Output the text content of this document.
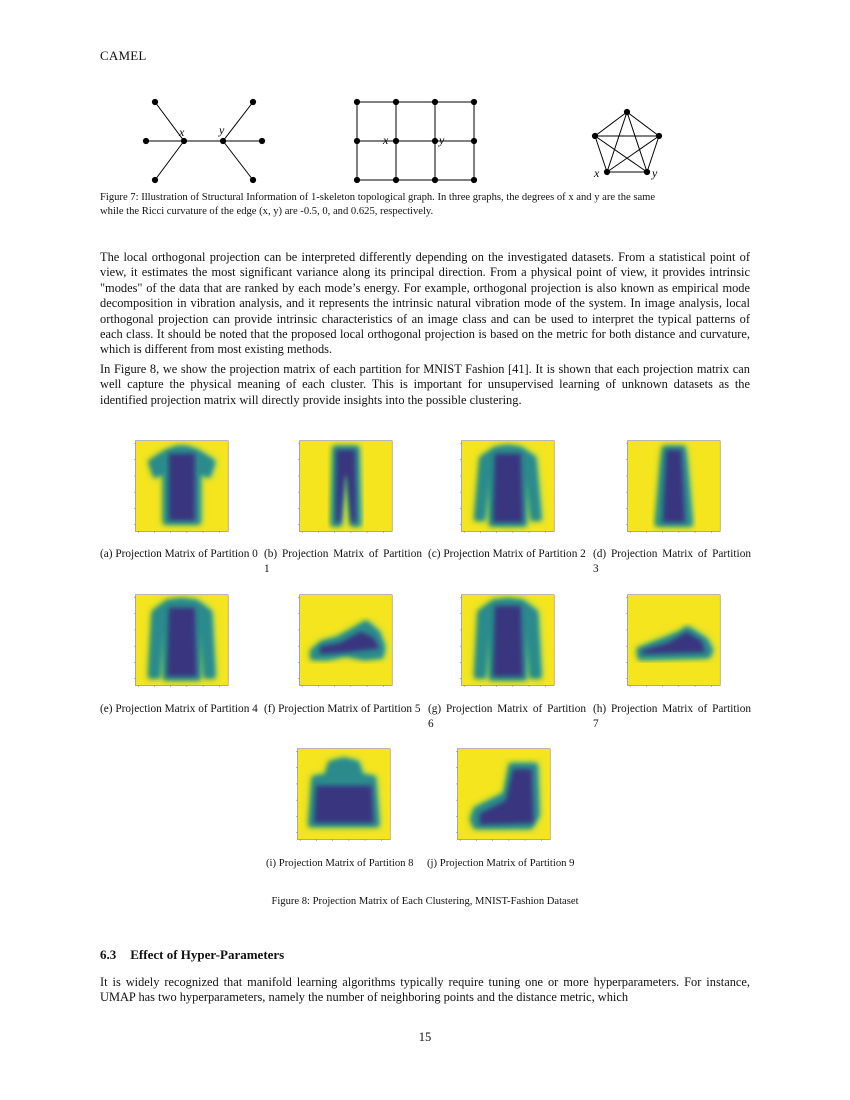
CAMEL
x	y
x	y
x	y
Figure 7: Illustration of Structural Information of 1-skeleton topological graph. In three graphs, the degrees of x and y are the same
while the Ricci curvature of the edge (x, y) are -0.5, 0, and 0.625, respectively.
The local orthogonal projection can be interpreted differently depending on the investigated datasets. From a statistical point of view, it estimates the most significant variance along its principal direction. From a physical point of view, it provides intrinsic "modes" of the data that are ranked by each mode’s energy. For example, orthogonal projection is also known as empirical mode decomposition in vibration analysis, and it represents the intrinsic natural vibration mode of the system. In image analysis, local orthogonal projection can provide intrinsic characteristics of an image class and can be used to interpret the typical patterns of each class. It should be noted that the proposed local orthogonal projection is based on the metric for both distance and curvature, which is different from most existing methods.
In Figure 8, we show the projection matrix of each partition for MNIST Fashion [41]. It is shown that each projection matrix can well capture the physical meaning of each cluster. This is important for unsupervised learning of unknown datasets as the identified projection matrix will directly provide insights into the possible clustering.
(a) Projection Matrix of Partition 0 (b) Projection Matrix of Partition 1
(c) Projection Matrix of Partition 2 (d) Projection Matrix of Partition 3
(e) Projection Matrix of Partition 4 (f) Projection Matrix of Partition 5 (g) Projection Matrix of Partition 6
(h) Projection Matrix of Partition 7
(i) Projection Matrix of Partition 8	(j) Projection Matrix of Partition 9
Figure 8: Projection Matrix of Each Clustering, MNIST-Fashion Dataset
6.3 Effect of Hyper-Parameters
It is widely recognized that manifold learning algorithms typically require tuning one or more hyperparameters. For instance, UMAP has two hyperparameters, namely the number of neighboring points and the distance metric, which
15
